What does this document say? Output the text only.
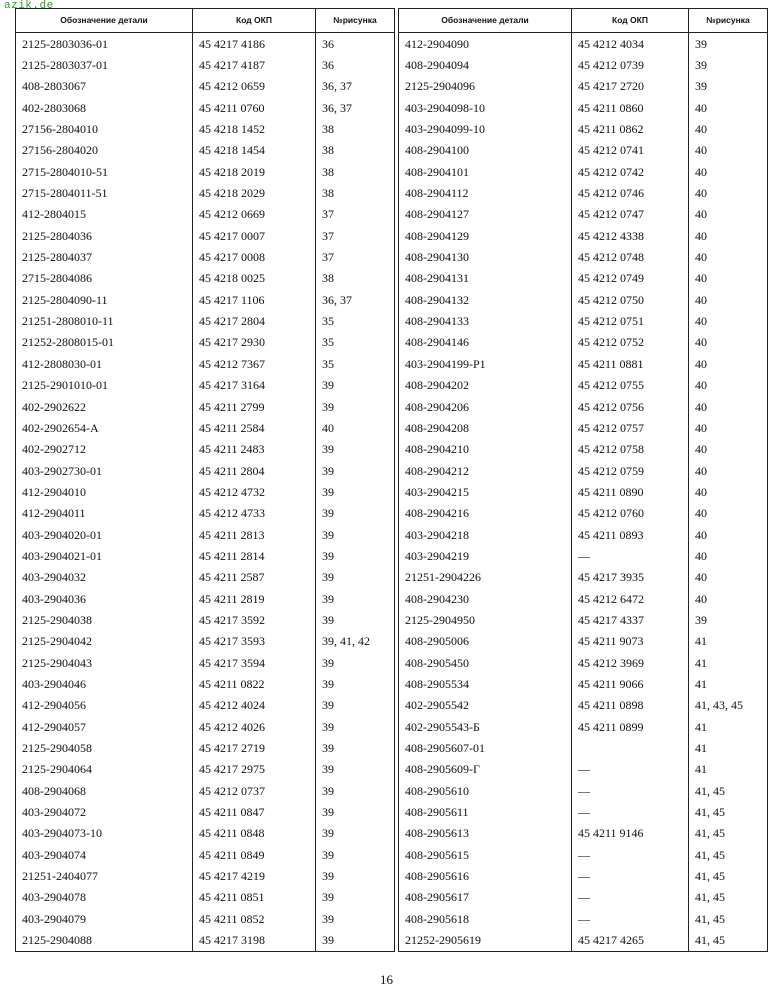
azik.de
Обозначение детали	Код ОКП	№рисунка		Обозначение детали	Код ОКП	№рисунка
2125-2803036-01	45 4217 4186	36		412-2904090	45 4212 4034	39
2125-2803037-01	45 4217 4187	36		408-2904094	45 4212 0739	39
408-2803067	45 4212 0659	36, 37		2125-2904096	45 4217 2720	39
402-2803068	45 4211 0760	36, 37		403-2904098-10	45 4211 0860	40
27156-2804010	45 4218 1452	38		403-2904099-10	45 4211 0862	40
27156-2804020	45 4218 1454	38		408-2904100	45 4212 0741	40
2715-2804010-51	45 4218 2019	38		408-2904101	45 4212 0742	40
2715-2804011-51	45 4218 2029	38		408-2904112	45 4212 0746	40
412-2804015	45 4212 0669	37		408-2904127	45 4212 0747	40
2125-2804036	45 4217 0007	37		408-2904129	45 4212 4338	40
2125-2804037	45 4217 0008	37		408-2904130	45 4212 0748	40
2715-2804086	45 4218 0025	38		408-2904131	45 4212 0749	40
2125-2804090-11	45 4217 1106	36, 37		408-2904132	45 4212 0750	40
21251-2808010-11	45 4217 2804	35		408-2904133	45 4212 0751	40
21252-2808015-01	45 4217 2930	35		408-2904146	45 4212 0752	40
412-2808030-01	45 4212 7367	35		403-2904199-P1	45 4211 0881	40
2125-2901010-01	45 4217 3164	39		408-2904202	45 4212 0755	40
402-2902622	45 4211 2799	39		408-2904206	45 4212 0756	40
402-2902654-A	45 4211 2584	40		408-2904208	45 4212 0757	40
402-2902712	45 4211 2483	39		408-2904210	45 4212 0758	40
403-2902730-01	45 4211 2804	39		408-2904212	45 4212 0759	40
412-2904010	45 4212 4732	39		403-2904215	45 4211 0890	40
412-2904011	45 4212 4733	39		408-2904216	45 4212 0760	40
403-2904020-01	45 4211 2813	39		403-2904218	45 4211 0893	40
403-2904021-01	45 4211 2814	39		403-2904219	—	40
403-2904032	45 4211 2587	39		21251-2904226	45 4217 3935	40
403-2904036	45 4211 2819	39		408-2904230	45 4212 6472	40
2125-2904038	45 4217 3592	39		2125-2904950	45 4217 4337	39
2125-2904042	45 4217 3593	39, 41, 42		408-2905006	45 4211 9073	41
2125-2904043	45 4217 3594	39		408-2905450	45 4212 3969	41
403-2904046	45 4211 0822	39		408-2905534	45 4211 9066	41
412-2904056	45 4212 4024	39		402-2905542	45 4211 0898	41, 43, 45
412-2904057	45 4212 4026	39		402-2905543-Б	45 4211 0899	41
2125-2904058	45 4217 2719	39		408-2905607-01		41
2125-2904064	45 4217 2975	39		408-2905609-Г	—	41
408-2904068	45 4212 0737	39		408-2905610	—	41, 45
403-2904072	45 4211 0847	39		408-2905611	—	41, 45
403-2904073-10	45 4211 0848	39		408-2905613	45 4211 9146	41, 45
403-2904074	45 4211 0849	39		408-2905615	—	41, 45
21251-2404077	45 4217 4219	39		408-2905616	—	41, 45
403-2904078	45 4211 0851	39		408-2905617	—	41, 45
403-2904079	45 4211 0852	39		408-2905618	—	41, 45
2125-2904088	45 4217 3198	39		21252-2905619	45 4217 4265	41, 45
16
